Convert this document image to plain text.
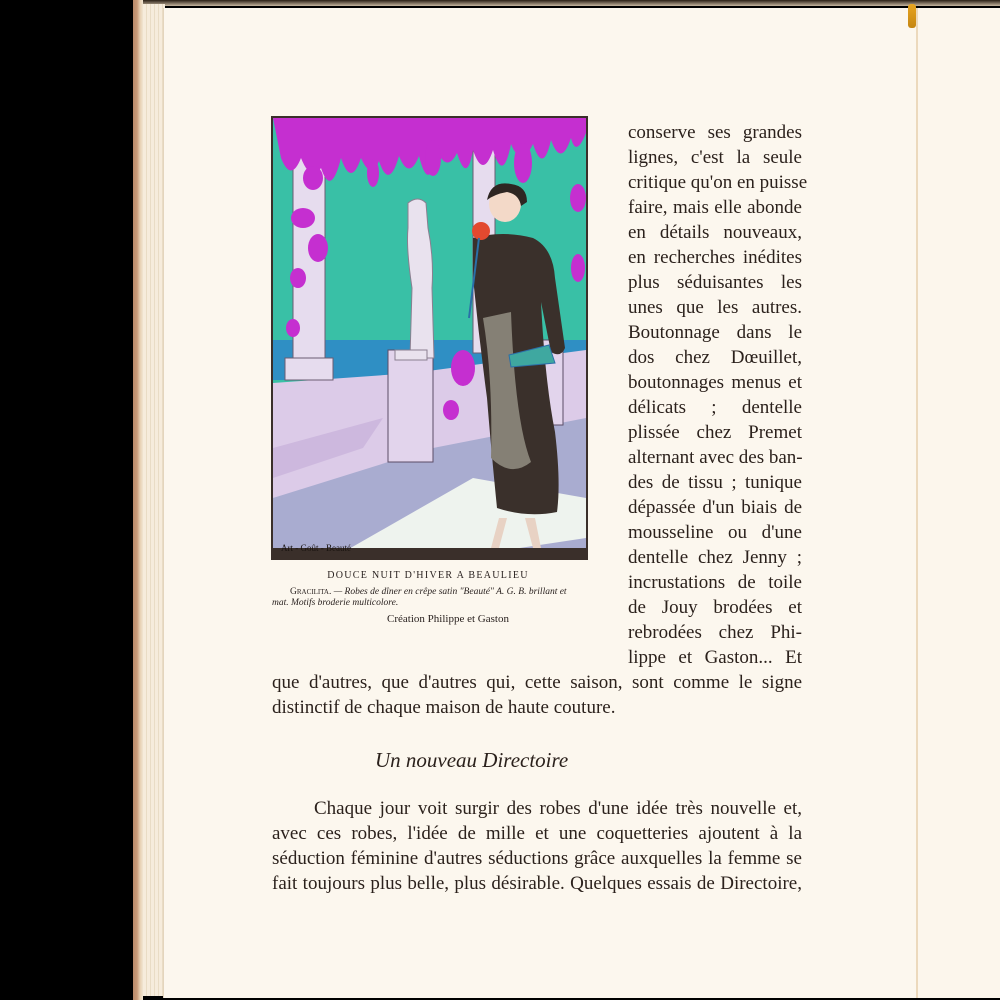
Art - Goût - Beauté
DOUCE NUIT D'HIVER A BEAULIEU
Gracilita. — Robes de dîner en crêpe satin "Beauté" A. G. B. brillant et mat. Motifs broderie multicolore.
Création Philippe et Gaston
conserve ses grandes
lignes, c'est la seule
critique qu'on en puisse
faire, mais elle abonde
en détails nouveaux,
en recherches inédites
plus séduisantes les
unes que les autres.
Boutonnage dans le
dos chez Dœuillet,
boutonnages menus et
délicats ; dentelle
plissée chez Premet
alternant avec des ban-
des de tissu ; tunique
dépassée d'un biais de
mousseline ou d'une
dentelle chez Jenny ;
incrustations de toile
de Jouy brodées et
rebrodées chez Phi-
lippe et Gaston... Et
que d'autres, que d'autres qui, cette saison, sont comme le signe
distinctif de chaque maison de haute couture.
Un nouveau Directoire
Chaque jour voit surgir des robes d'une idée très nouvelle et,
avec ces robes, l'idée de mille et une coquetteries ajoutent à la
séduction féminine d'autres séductions grâce auxquelles la femme se
fait toujours plus belle, plus désirable. Quelques essais de Directoire,
